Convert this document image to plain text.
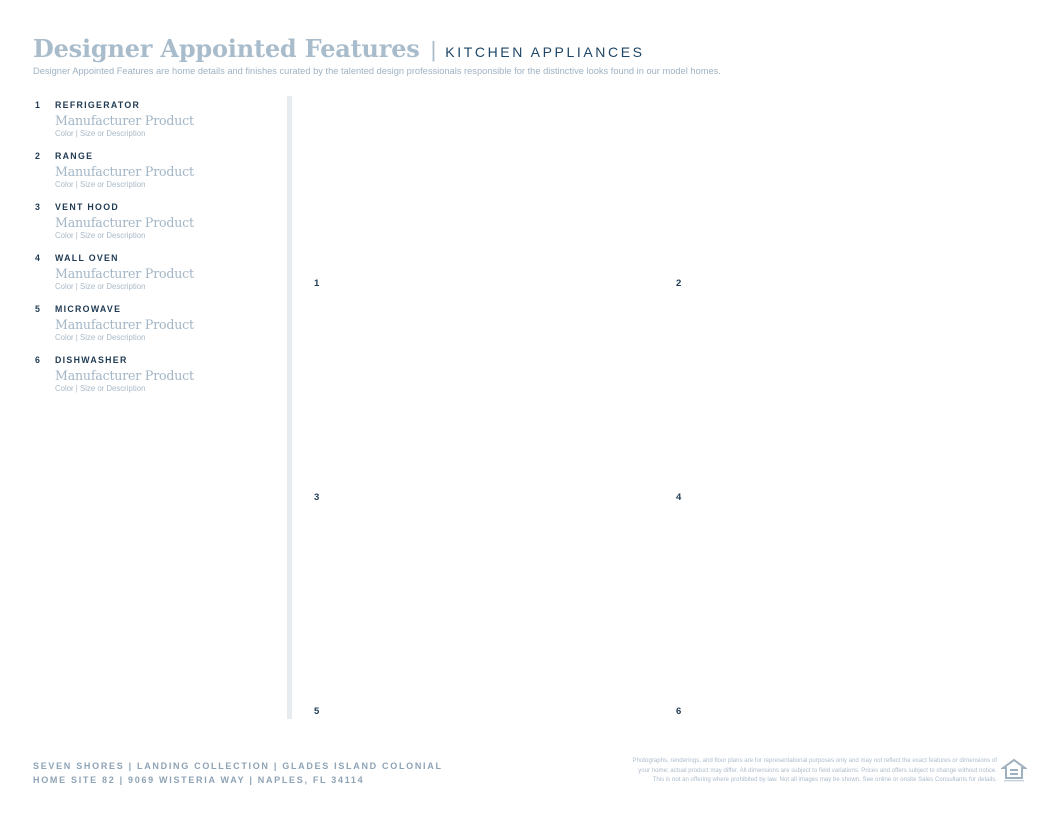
Designer Appointed Features | KITCHEN APPLIANCES
Designer Appointed Features are home details and finishes curated by the talented design professionals responsible for the distinctive looks found in our model homes.
1	REFRIGERATOR
Manufacturer Product
Color | Size or Description
2	RANGE
Manufacturer Product
Color | Size or Description
3	VENT HOOD
Manufacturer Product
Color | Size or Description
4	WALL OVEN
Manufacturer Product
Color | Size or Description
5	MICROWAVE
Manufacturer Product
Color | Size or Description
6	DISHWASHER
Manufacturer Product
Color | Size or Description
1	2
3	4
5	6
SEVEN SHORES | LANDING COLLECTION | GLADES ISLAND COLONIAL
HOME SITE 82 | 9069 WISTERIA WAY | NAPLES, FL 34114
Photographs, renderings, and floor plans are for representational purposes only and may not reflect the exact features or dimensions of
your home; actual product may differ. All dimensions are subject to field variations. Prices and offers subject to change without notice.
This is not an offering where prohibited by law. Not all images may be shown. See online or onsite Sales Consultants for details.
